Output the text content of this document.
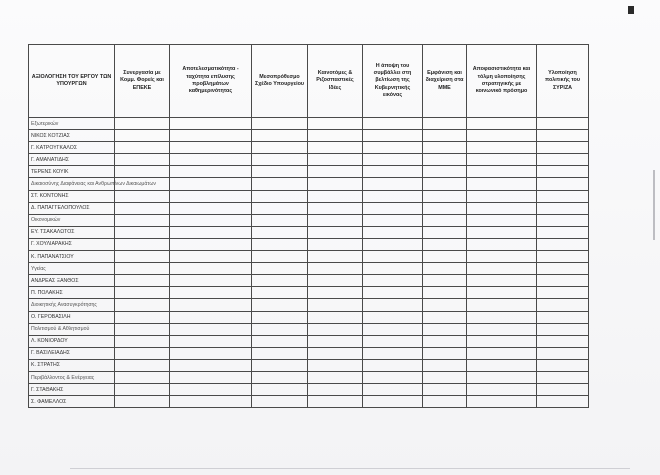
ΑΞΙΟΛΟΓΗΣΗ ΤΟΥ ΕΡΓΟΥ ΤΩΝ ΥΠΟΥΡΓΩΝ	Συνεργασία με Κομμ. Φορείς και ΕΠΕΚΕ	Αποτελεσματικότητα - ταχύτητα επίλυσης προβλημάτων καθημερινότητας	Μεσοπρόθεσμο Σχέδιο Υπουργείου	Καινοτόμες & Ριζοσπαστικές Ιδέες	Η άποψη του συμβάλλει στη βελτίωση της Κυβερνητικής εικόνας	Εμφάνιση και διαχείριση στα ΜΜΕ	Αποφασιστικότητα και τόλμη υλοποίησης στρατηγικής με κοινωνικό πρόσημο	Υλοποίηση πολιτικής του ΣΥΡΙΖΑ
Εξωτερικών								
ΝΙΚΟΣ ΚΟΤΖΙΑΣ								
Γ. ΚΑΤΡΟΥΓΚΑΛΟΣ								
Γ. ΑΜΑΝΑΤΙΔΗΣ								
ΤΕΡΕΝΣ ΚΟΥΙΚ								
Δικαιοσύνης Διαφάνειας και Ανθρωπίνων Δικαιωμάτων								
ΣΤ. ΚΟΝΤΟΝΗΣ								
Δ. ΠΑΠΑΓΓΕΛΟΠΟΥΛΟΣ								
Οικονομικών								
ΕΥ. ΤΣΑΚΑΛΩΤΟΣ								
Γ. ΧΟΥΛΙΑΡΑΚΗΣ								
Κ. ΠΑΠΑΝΑΤΣΙΟΥ								
Υγείας								
ΑΝΔΡΕΑΣ ΞΑΝΘΟΣ								
Π. ΠΟΛΑΚΗΣ								
Διοικητικής Ανασυγκρότησης								
Ο. ΓΕΡΟΒΑΣΙΛΗ								
Πολιτισμού & Αθλητισμού								
Λ. ΚΟΝΙΟΡΔΟΥ								
Γ. ΒΑΣΙΛΕΙΑΔΗΣ								
Κ. ΣΤΡΑΤΗΣ								
Περιβάλλοντος & Ενέργειας								
Γ. ΣΤΑΘΑΚΗΣ								
Σ. ΦΑΜΕΛΛΟΣ								
